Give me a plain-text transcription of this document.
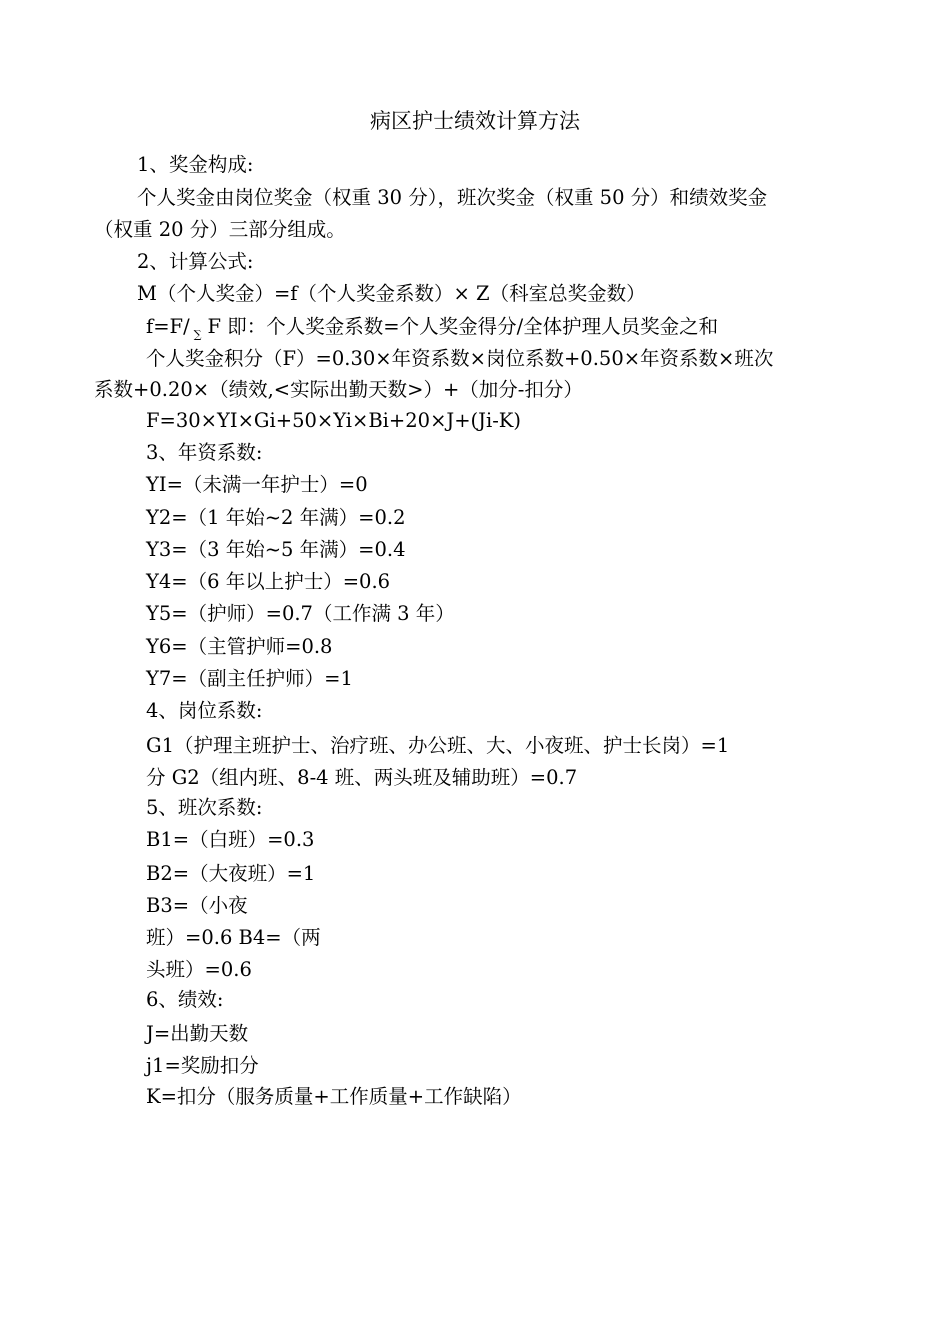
病区护士绩效计算方法
1、奖金构成:
个人奖金由岗位奖金（权重 30 分），班次奖金（权重 50 分）和绩效奖金
（权重 20 分）三部分组成。
2、计算公式:
M（个人奖金）=f（个人奖金系数）× Z（科室总奖金数）
f=F/ $_\sum$ F 即：个人奖金系数=个人奖金得分/全体护理人员奖金之和
个人奖金积分（F）=0.30×年资系数×岗位系数+0.50×年资系数×班次
系数+0.20×（绩效,<实际出勤天数>）+（加分-扣分）
F=30×YI×Gi+50×Yi×Bi+20×J+(Ji-K)
3、年资系数:
YI=（未满一年护士）=0
Y2=（1 年始~2 年满）=0.2
Y3=（3 年始~5 年满）=0.4
Y4=（6 年以上护士）=0.6
Y5=（护师）=0.7（工作满 3 年）
Y6=（主管护师=0.8
Y7=（副主任护师）=1
4、岗位系数:
G1（护理主班护士、治疗班、办公班、大、小夜班、护士长岗）=1
分 G2（组内班、8-4 班、两头班及辅助班）=0.7
5、班次系数:
B1=（白班）=0.3
B2=（大夜班）=1
B3=（小夜
班）=0.6 B4=（两
头班）=0.6
6、绩效:
J=出勤天数
j1=奖励扣分
K=扣分（服务质量+工作质量+工作缺陷）
